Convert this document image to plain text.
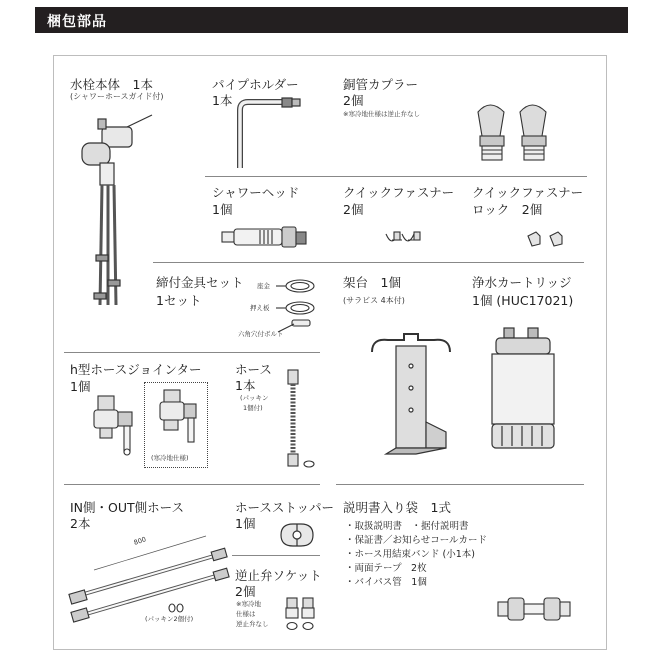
梱包部品
水栓本体　1本
(シャワーホースガイド付)
パイプホルダー
1本
銅管カプラー
2個
※寒冷地仕様は逆止弁なし
シャワーヘッド
1個
クイックファスナー
2個
クイックファスナー
ロック　2個
締付金具セット
1セット
座金
押え板
六角穴付ボルト
架台　1個
(サラビス 4本付)
浄水カートリッジ
1個 (HUC17021)
h型ホースジョインター
1個
(寒冷地仕様)
ホース
1本
(パッキン
1個付)
IN側・OUT側ホース
2本
800
(パッキン2個付)
ホースストッパー
1個
逆止弁ソケット
2個
※寒冷地
仕様は
逆止弁なし
説明書入り袋　1式
・取扱説明書　・据付説明書
・保証書／お知らせコールカード
・ホース用結束バンド (小1本)
・両面テープ　2枚
・バイパス管　1個
